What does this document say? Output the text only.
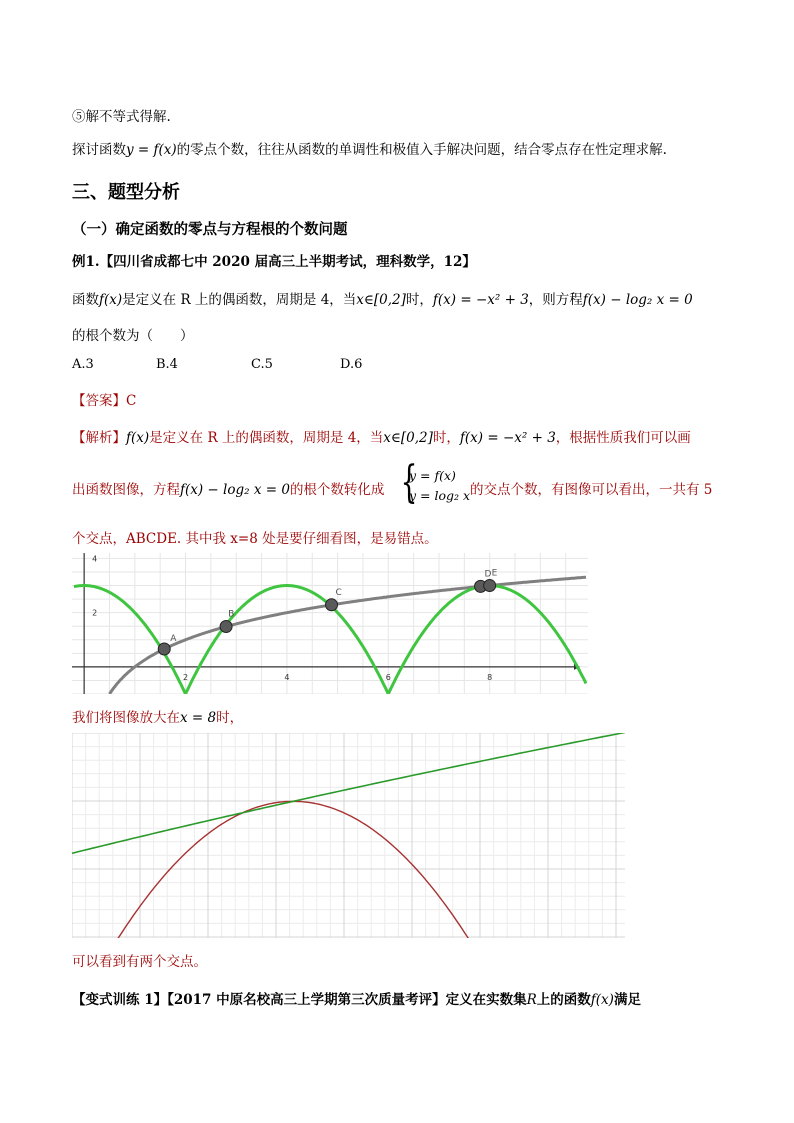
⑤解不等式得解.
探讨函数y = f(x)的零点个数，往往从函数的单调性和极值入手解决问题，结合零点存在性定理求解.
三、题型分析
（一）确定函数的零点与方程根的个数问题
例1.【四川省成都七中 2020 届高三上半期考试，理科数学，12】
函数f(x)是定义在 R 上的偶函数，周期是 4，当x∈[0,2]时，f(x) = −x² + 3，则方程f(x) − log₂ x = 0
的根个数为（　　）
A.3	B.4	C.5	D.6
【答案】C
【解析】f(x)是定义在 R 上的偶函数，周期是 4，当x∈[0,2]时，f(x) = −x² + 3，根据性质我们可以画
出函数图像，方程f(x) − log₂ x = 0的根个数转化成 {
y = f(x)
y = log₂ x 的交点个数，有图像可以看出，一共有 5
个交点，ABCDE. 其中我 x=8 处是要仔细看图，是易错点。
2	4	6	8
2
4
A
B
C
D E
我们将图像放大在x = 8时，
可以看到有两个交点。
【变式训练 1】【2017 中原名校高三上学期第三次质量考评】定义在实数集R上的函数f(x)满足
